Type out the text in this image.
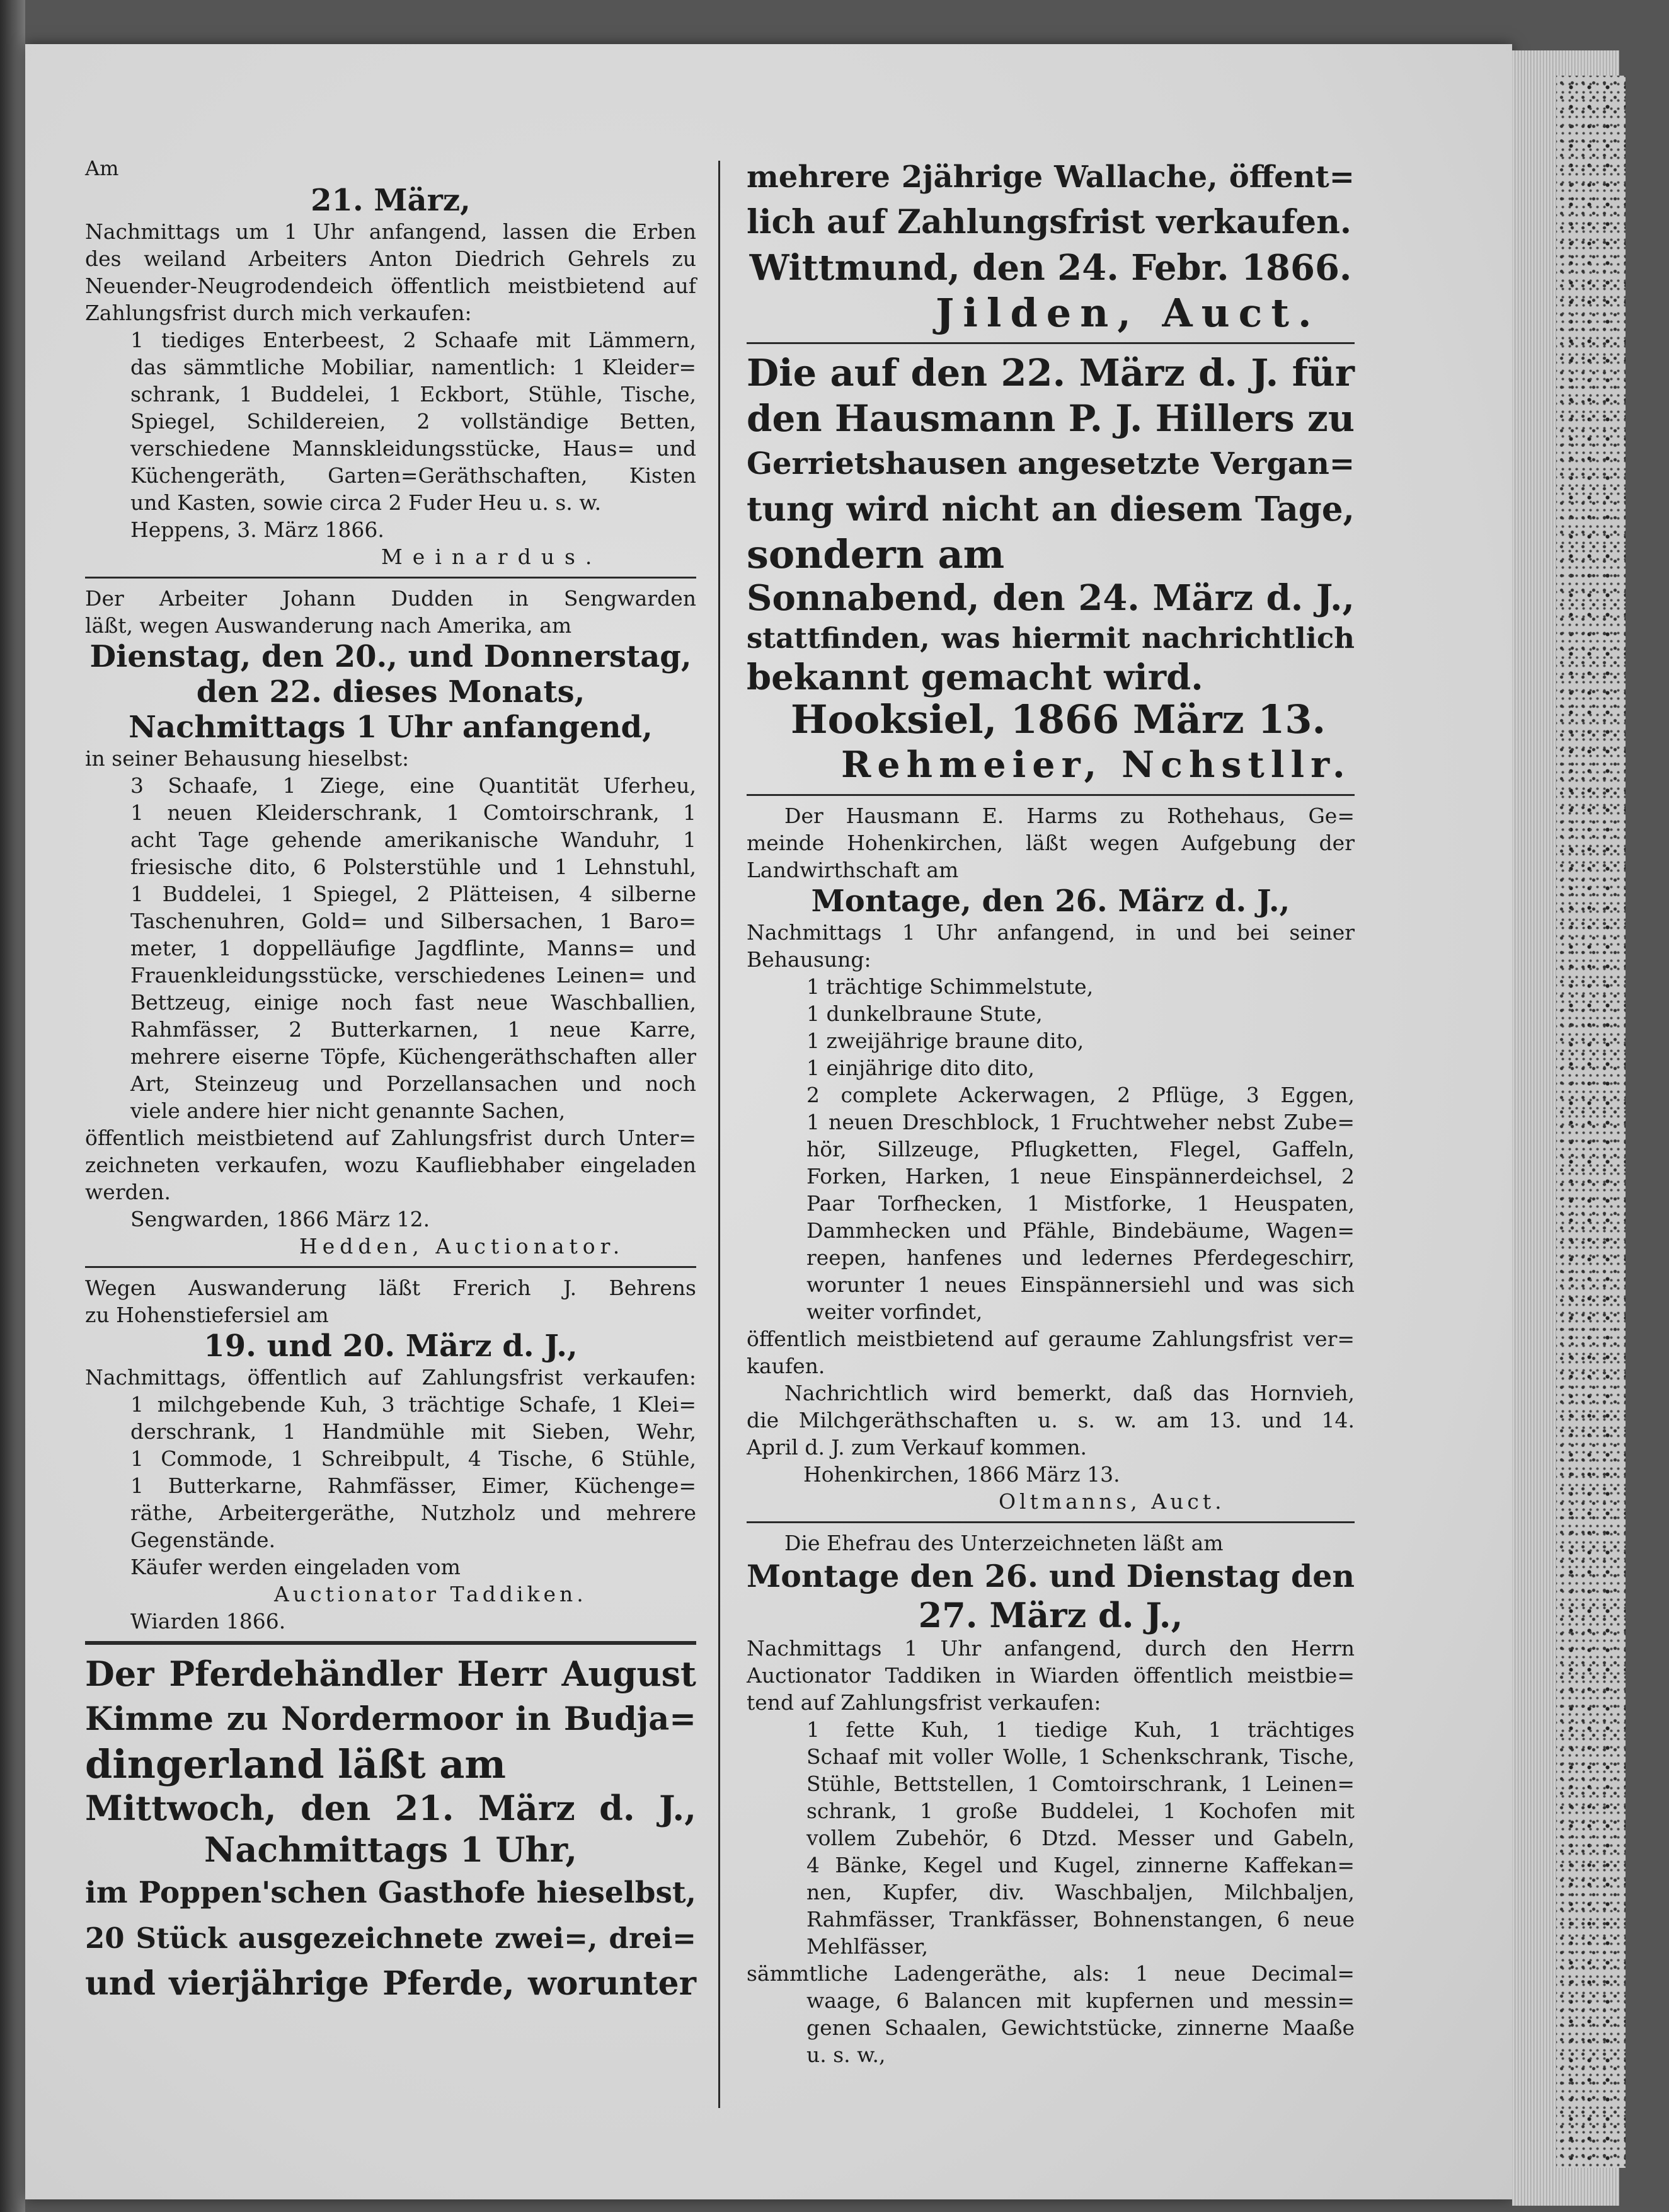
Am
21. März,
Nachmittags um 1 Uhr anfangend, lassen die Erben
des weiland Arbeiters Anton Diedrich Gehrels zu
Neuender-Neugrodendeich öffentlich meistbietend auf
Zahlungsfrist durch mich verkaufen:
1 tiediges Enterbeest, 2 Schaafe mit Lämmern,
das sämmtliche Mobiliar, namentlich: 1 Kleider=
schrank, 1 Buddelei, 1 Eckbort, Stühle, Tische,
Spiegel, Schildereien, 2 vollständige Betten,
verschiedene Mannskleidungsstücke, Haus= und
Küchengeräth, Garten=Geräthschaften, Kisten
und Kasten, sowie circa 2 Fuder Heu u. s. w.
Heppens, 3. März 1866.
Meinardus.
Der Arbeiter Johann Dudden in Sengwarden
läßt, wegen Auswanderung nach Amerika, am
Dienstag, den 20., und Donnerstag,
den 22. dieses Monats,
Nachmittags 1 Uhr anfangend,
in seiner Behausung hieselbst:
3 Schaafe, 1 Ziege, eine Quantität Uferheu,
1 neuen Kleiderschrank, 1 Comtoirschrank, 1
acht Tage gehende amerikanische Wanduhr, 1
friesische dito, 6 Polsterstühle und 1 Lehnstuhl,
1 Buddelei, 1 Spiegel, 2 Plätteisen, 4 silberne
Taschenuhren, Gold= und Silbersachen, 1 Baro=
meter, 1 doppelläufige Jagdflinte, Manns= und
Frauenkleidungsstücke, verschiedenes Leinen= und
Bettzeug, einige noch fast neue Waschballien,
Rahmfässer, 2 Butterkarnen, 1 neue Karre,
mehrere eiserne Töpfe, Küchengeräthschaften aller
Art, Steinzeug und Porzellansachen und noch
viele andere hier nicht genannte Sachen,
öffentlich meistbietend auf Zahlungsfrist durch Unter=
zeichneten verkaufen, wozu Kaufliebhaber eingeladen
werden.
Sengwarden, 1866 März 12.
Hedden, Auctionator.
Wegen Auswanderung läßt Frerich J. Behrens
zu Hohenstiefersiel am
19. und 20. März d. J.,
Nachmittags, öffentlich auf Zahlungsfrist verkaufen:
1 milchgebende Kuh, 3 trächtige Schafe, 1 Klei=
derschrank, 1 Handmühle mit Sieben, Wehr,
1 Commode, 1 Schreibpult, 4 Tische, 6 Stühle,
1 Butterkarne, Rahmfässer, Eimer, Küchenge=
räthe, Arbeitergeräthe, Nutzholz und mehrere
Gegenstände.
Käufer werden eingeladen vom
Auctionator Taddiken.
Wiarden 1866.
Der Pferdehändler Herr August
Kimme zu Nordermoor in Budja=
dingerland läßt am
Mittwoch, den 21. März d. J.,
Nachmittags 1 Uhr,
im Poppen'schen Gasthofe hieselbst,
20 Stück ausgezeichnete zwei=, drei=
und vierjährige Pferde, worunter
mehrere 2jährige Wallache, öffent=
lich auf Zahlungsfrist verkaufen.
Wittmund, den 24. Febr. 1866.
Jilden, Auct.
Die auf den 22. März d. J. für
den Hausmann P. J. Hillers zu
Gerrietshausen angesetzte Vergan=
tung wird nicht an diesem Tage,
sondern am
Sonnabend, den 24. März d. J.,
stattfinden, was hiermit nachrichtlich
bekannt gemacht wird.
Hooksiel, 1866 März 13.
Rehmeier, Nchstllr.
Der Hausmann E. Harms zu Rothehaus, Ge=
meinde Hohenkirchen, läßt wegen Aufgebung der
Landwirthschaft am
Montage, den 26. März d. J.,
Nachmittags 1 Uhr anfangend, in und bei seiner
Behausung:
1 trächtige Schimmelstute,
1 dunkelbraune Stute,
1 zweijährige braune dito,
1 einjährige dito dito,
2 complete Ackerwagen, 2 Pflüge, 3 Eggen,
1 neuen Dreschblock, 1 Fruchtweher nebst Zube=
hör, Sillzeuge, Pflugketten, Flegel, Gaffeln,
Forken, Harken, 1 neue Einspännerdeichsel, 2
Paar Torfhecken, 1 Mistforke, 1 Heuspaten,
Dammhecken und Pfähle, Bindebäume, Wagen=
reepen, hanfenes und ledernes Pferdegeschirr,
worunter 1 neues Einspännersiehl und was sich
weiter vorfindet,
öffentlich meistbietend auf geraume Zahlungsfrist ver=
kaufen.
Nachrichtlich wird bemerkt, daß das Hornvieh,
die Milchgeräthschaften u. s. w. am 13. und 14.
April d. J. zum Verkauf kommen.
Hohenkirchen, 1866 März 13.
Oltmanns, Auct.
Die Ehefrau des Unterzeichneten läßt am
Montage den 26. und Dienstag den
27. März d. J.,
Nachmittags 1 Uhr anfangend, durch den Herrn
Auctionator Taddiken in Wiarden öffentlich meistbie=
tend auf Zahlungsfrist verkaufen:
1 fette Kuh, 1 tiedige Kuh, 1 trächtiges
Schaaf mit voller Wolle, 1 Schenkschrank, Tische,
Stühle, Bettstellen, 1 Comtoirschrank, 1 Leinen=
schrank, 1 große Buddelei, 1 Kochofen mit
vollem Zubehör, 6 Dtzd. Messer und Gabeln,
4 Bänke, Kegel und Kugel, zinnerne Kaffekan=
nen, Kupfer, div. Waschbaljen, Milchbaljen,
Rahmfässer, Trankfässer, Bohnenstangen, 6 neue
Mehlfässer,
sämmtliche Ladengeräthe, als: 1 neue Decimal=
waage, 6 Balancen mit kupfernen und messin=
genen Schaalen, Gewichtstücke, zinnerne Maaße
u. s. w.,
